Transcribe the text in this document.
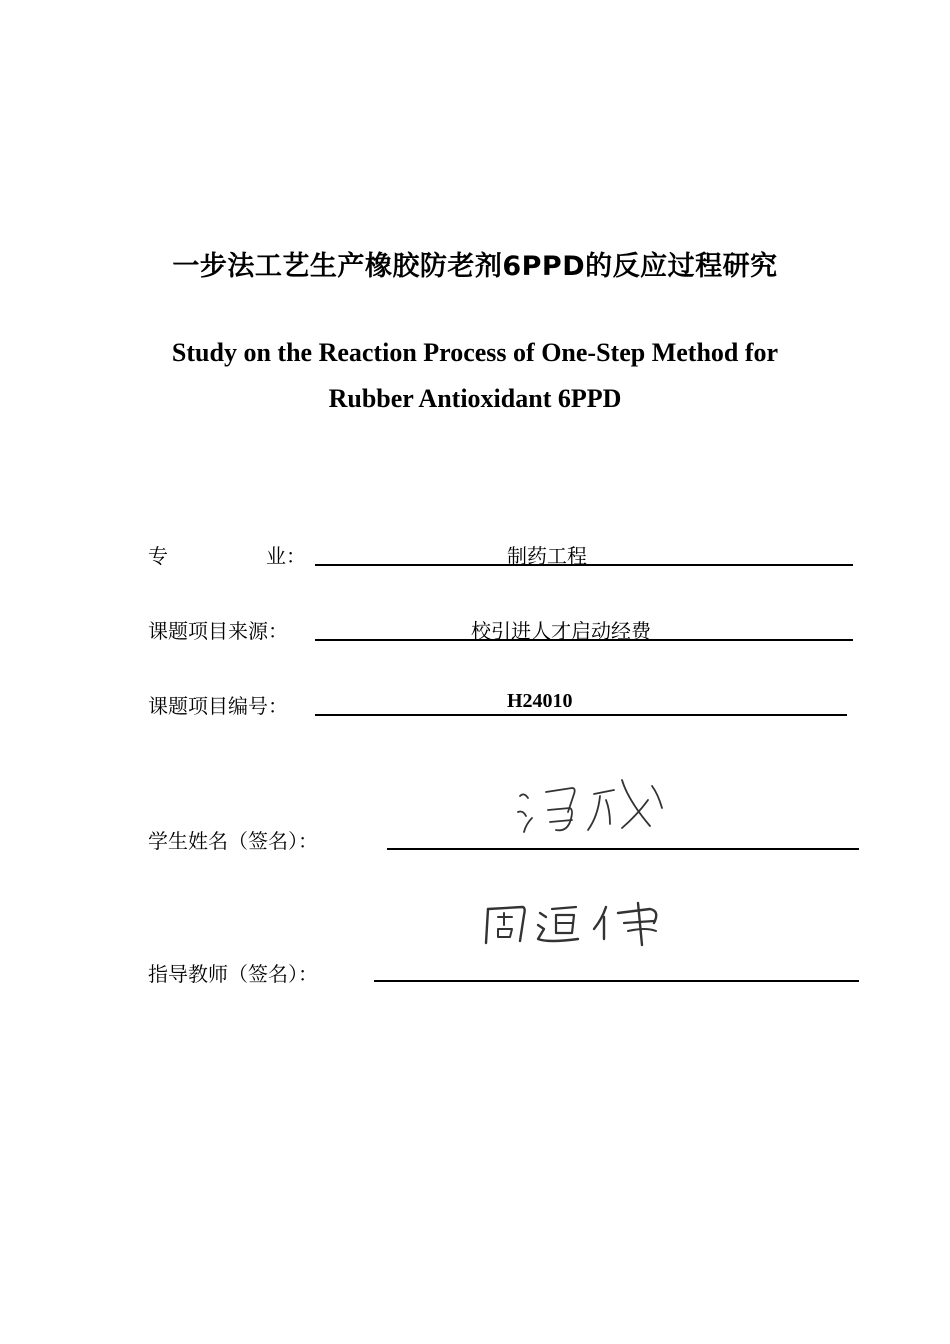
一步法工艺生产橡胶防老剂6PPD的反应过程研究
Study on the Reaction Process of One-Step Method for
Rubber Antioxidant 6PPD
专	业：	制药工程
课题项目来源：	校引进人才启动经费
课题项目编号：	H24010
学生姓名（签名）：
指导教师（签名）：
